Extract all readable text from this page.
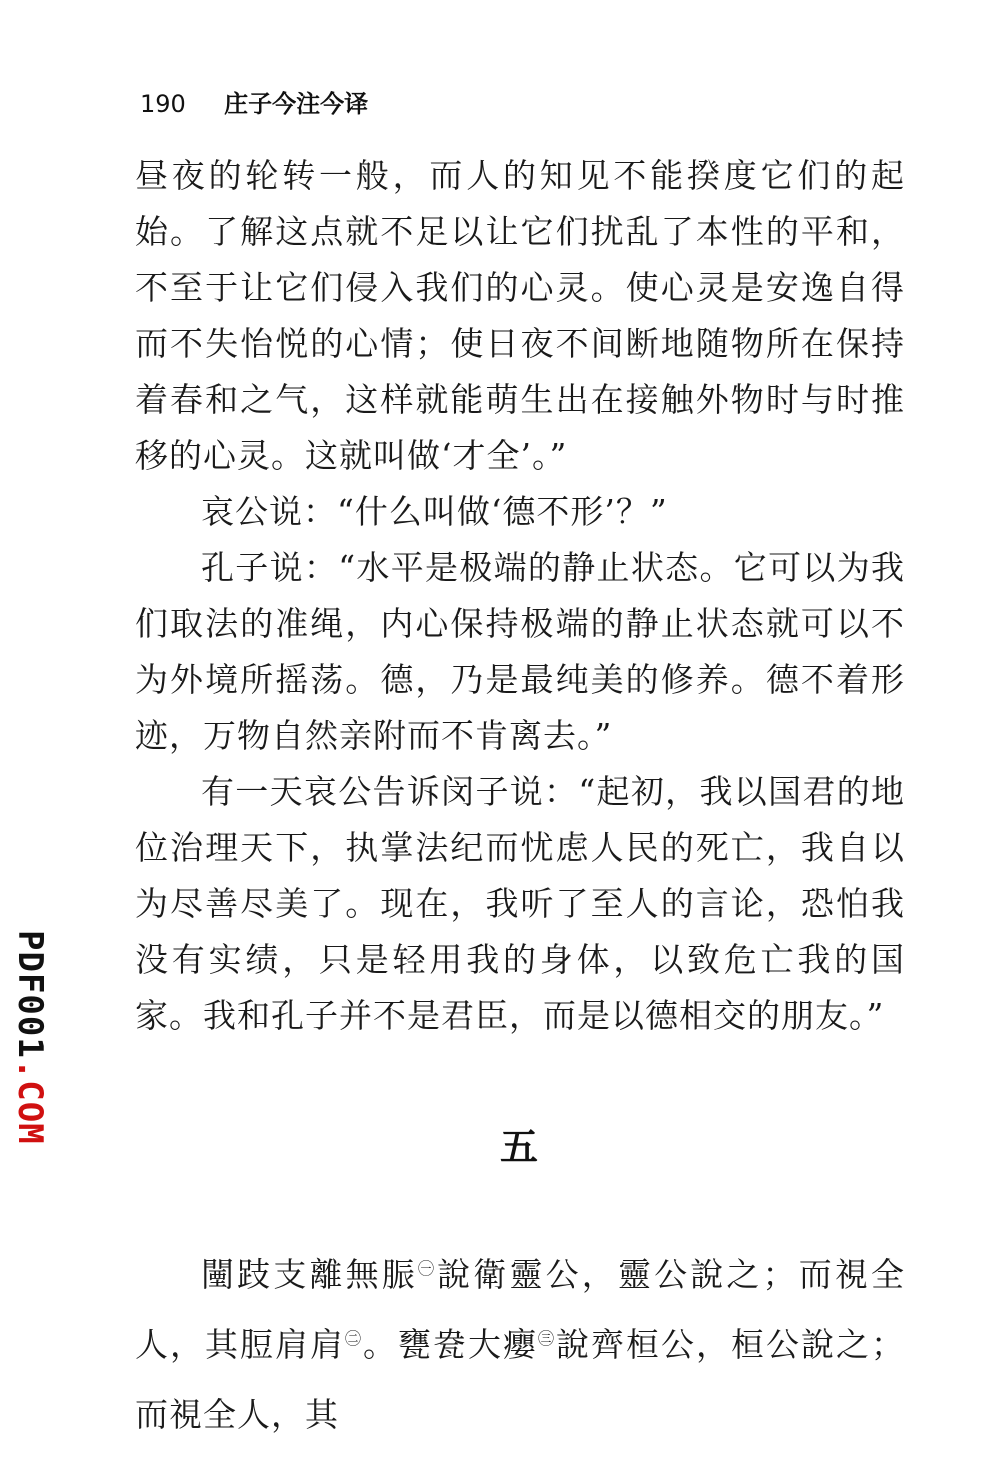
190 庄子今注今译

昼夜的轮转一般，而人的知见不能揆度它们的起始。了解这点就不足以让它们扰乱了本性的平和，不至于让它们侵入我们的心灵。使心灵是安逸自得而不失怡悦的心情；使日夜不间断地随物所在保持着春和之气，这样就能萌生出在接触外物时与时推移的心灵。这就叫做‘才全’。”

哀公说：“什么叫做‘德不形’？”

孔子说：“水平是极端的静止状态。它可以为我们取法的准绳，内心保持极端的静止状态就可以不为外境所摇荡。德，乃是最纯美的修养。德不着形迹，万物自然亲附而不肯离去。”

有一天哀公告诉闵子说：“起初，我以国君的地位治理天下，执掌法纪而忧虑人民的死亡，我自以为尽善尽美了。现在，我听了至人的言论，恐怕我没有实绩，只是轻用我的身体，以致危亡我的国家。我和孔子并不是君臣，而是以德相交的朋友。”

五

闉跂支離無脤$^㊀$說衛靈公，靈公說之；而視全人，其脰肩肩$^㊁$。甕㼜大癭$^㊂$說齊桓公，桓公說之；而視全人，其

PDF001.COM
